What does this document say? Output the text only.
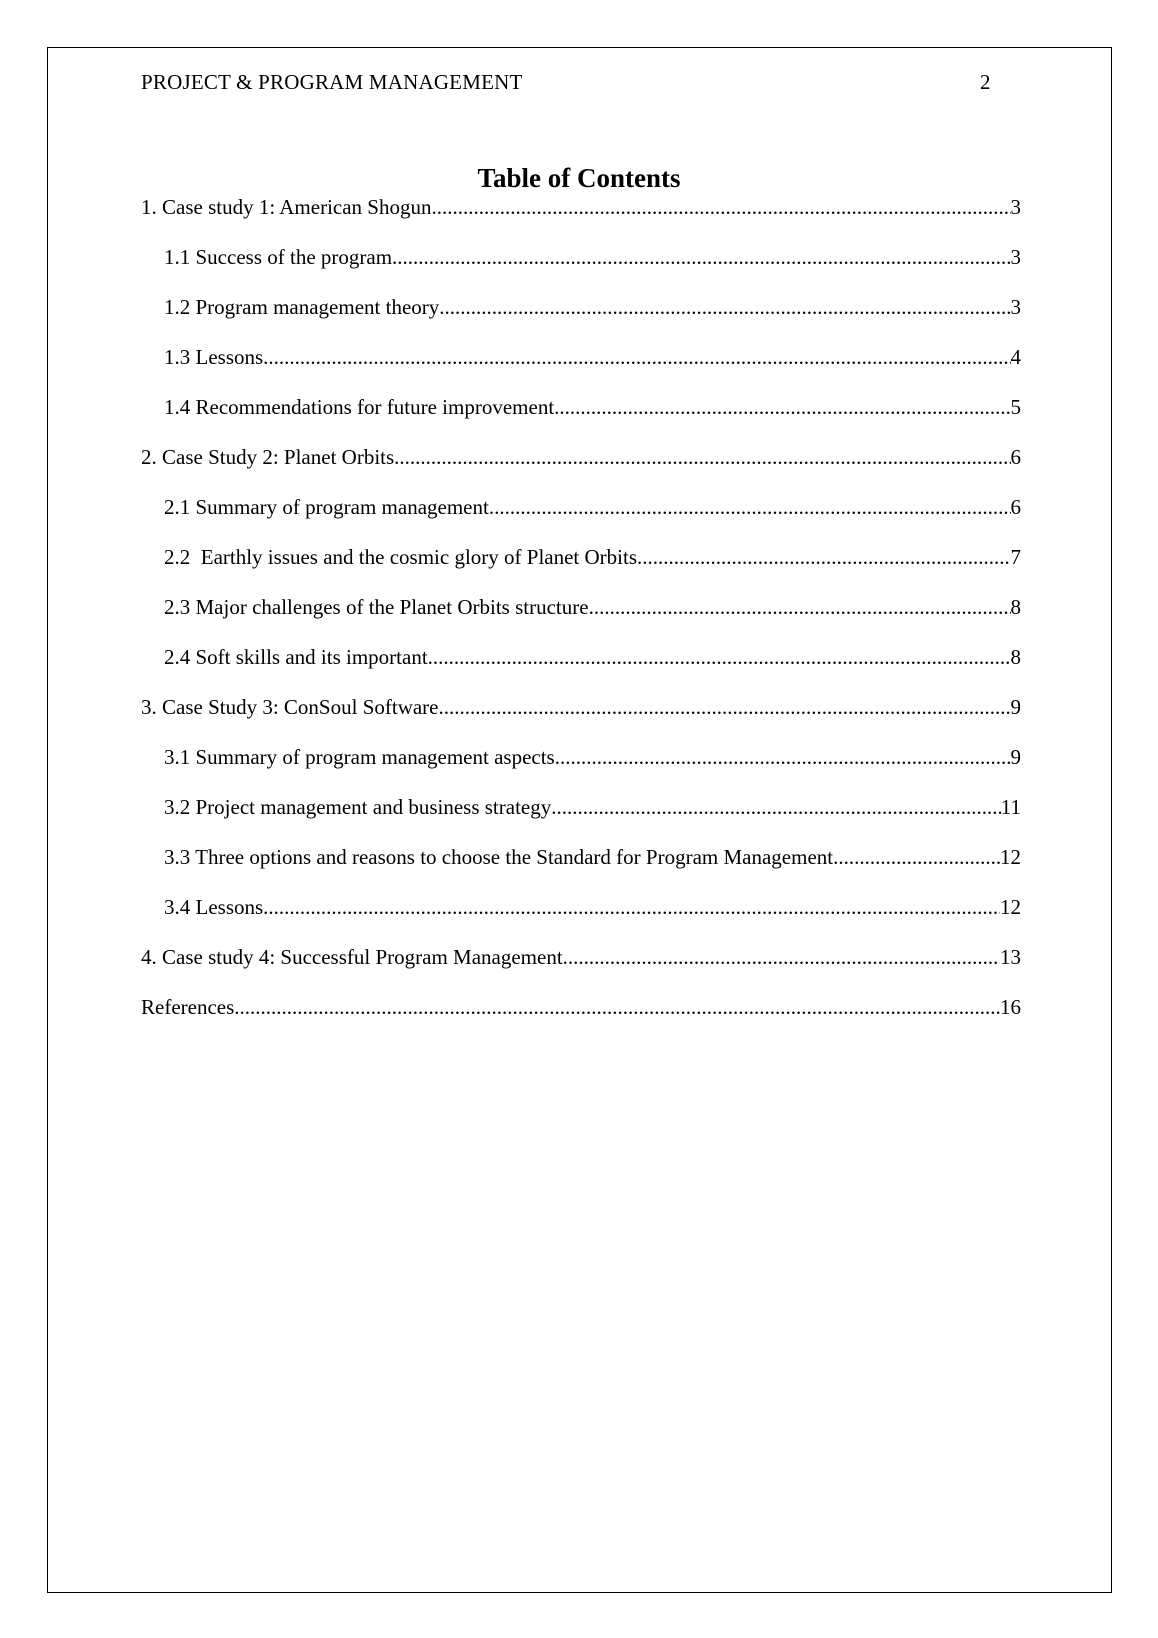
PROJECT & PROGRAM MANAGEMENT	2
Table of Contents
1. Case study 1: American Shogun .....	3
1.1 Success of the program .....	3
1.2 Program management theory .....	3
1.3 Lessons .....	4
1.4 Recommendations for future improvement .....	5
2. Case Study 2: Planet Orbits .....	6
2.1 Summary of program management .....	6
2.2  Earthly issues and the cosmic glory of Planet Orbits .....	7
2.3 Major challenges of the Planet Orbits structure .....	8
2.4 Soft skills and its important .....	8
3. Case Study 3: ConSoul Software .....	9
3.1 Summary of program management aspects .....	9
3.2 Project management and business strategy .....	11
3.3 Three options and reasons to choose the Standard for Program Management .....	12
3.4 Lessons .....	12
4. Case study 4: Successful Program Management .....	13
References .....	16
